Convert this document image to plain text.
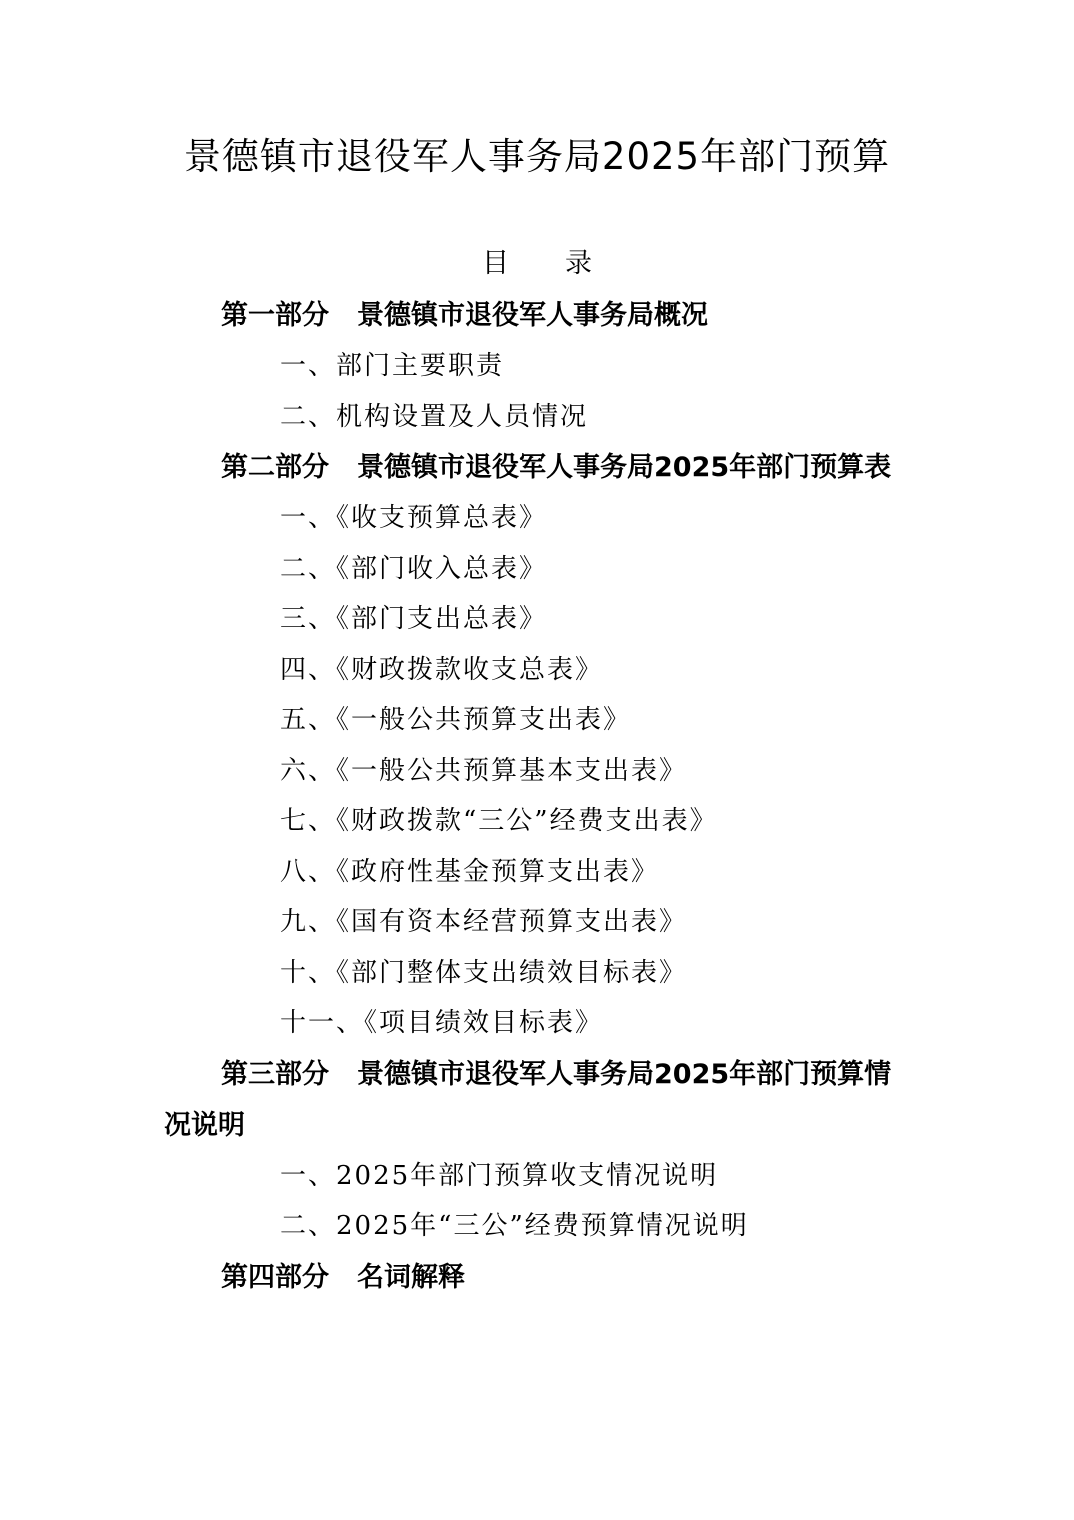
景德镇市退役军人事务局2025年部门预算
目 录

第一部分 景德镇市退役军人事务局概况

一、部门主要职责

二、机构设置及人员情况

第二部分 景德镇市退役军人事务局2025年部门预算表

一、《收支预算总表》

二、《部门收入总表》

三、《部门支出总表》

四、《财政拨款收支总表》

五、《一般公共预算支出表》

六、《一般公共预算基本支出表》

七、《财政拨款“三公”经费支出表》

八、《政府性基金预算支出表》

九、《国有资本经营预算支出表》

十、《部门整体支出绩效目标表》

十一、《项目绩效目标表》

第三部分 景德镇市退役军人事务局2025年部门预算情况说明

一、2025年部门预算收支情况说明

二、2025年“三公”经费预算情况说明

第四部分 名词解释
